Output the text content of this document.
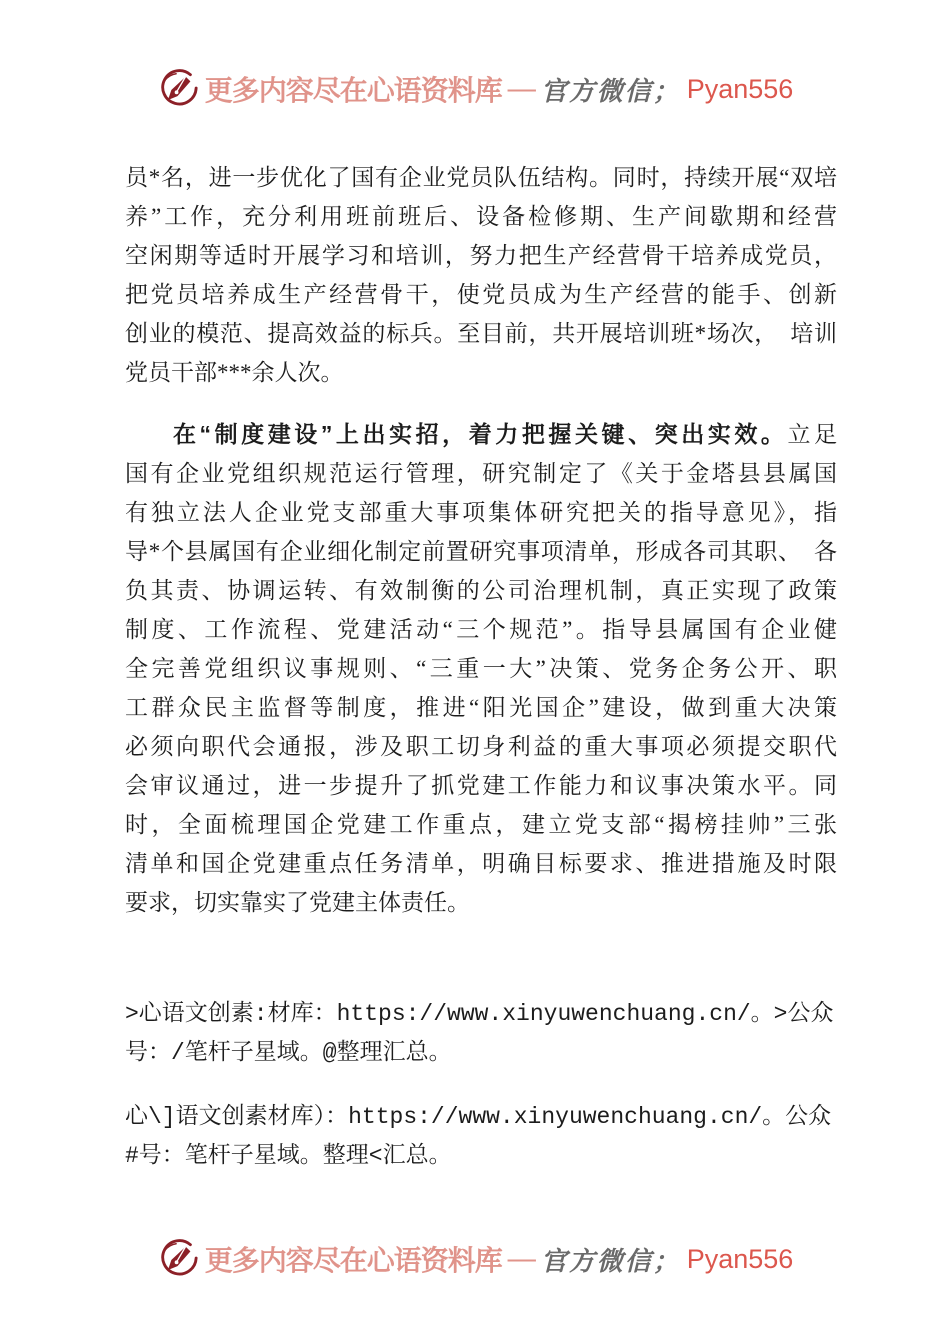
更多内容尽在心语资料库 — 官方微信； Pyan556
员*名，进一步优化了国有企业党员队伍结构。同时，持续开展“双培
养”工作，充分利用班前班后、设备检修期、生产间歇期和经营
空闲期等适时开展学习和培训，努力把生产经营骨干培养成党员，
把党员培养成生产经营骨干，使党员成为生产经营的能手、创新
创业的模范、提高效益的标兵。至目前，共开展培训班*场次，　培训
党员干部***余人次。
在“制度建设”上出实招，着力把握关键、突出实效。立足
国有企业党组织规范运行管理，研究制定了《关于金塔县县属国
有独立法人企业党支部重大事项集体研究把关的指导意见》，指
导*个县属国有企业细化制定前置研究事项清单，形成各司其职、　各
负其责、协调运转、有效制衡的公司治理机制，真正实现了政策
制度、工作流程、党建活动“三个规范”。指导县属国有企业健
全完善党组织议事规则、“三重一大”决策、党务企务公开、职
工群众民主监督等制度，推进“阳光国企”建设，做到重大决策
必须向职代会通报，涉及职工切身利益的重大事项必须提交职代
会审议通过，进一步提升了抓党建工作能力和议事决策水平。同
时，全面梳理国企党建工作重点，建立党支部“揭榜挂帅”三张
清单和国企党建重点任务清单，明确目标要求、推进措施及时限
要求，切实靠实了党建主体责任。
>心语文创素:材库：https://www.xinyuwenchuang.cn/。>公众
号：/笔杆子星域。@整理汇总。
心\]语文创素材库）：https://www.xinyuwenchuang.cn/。公众
#号：笔杆子星域。整理<汇总。
更多内容尽在心语资料库 — 官方微信； Pyan556
